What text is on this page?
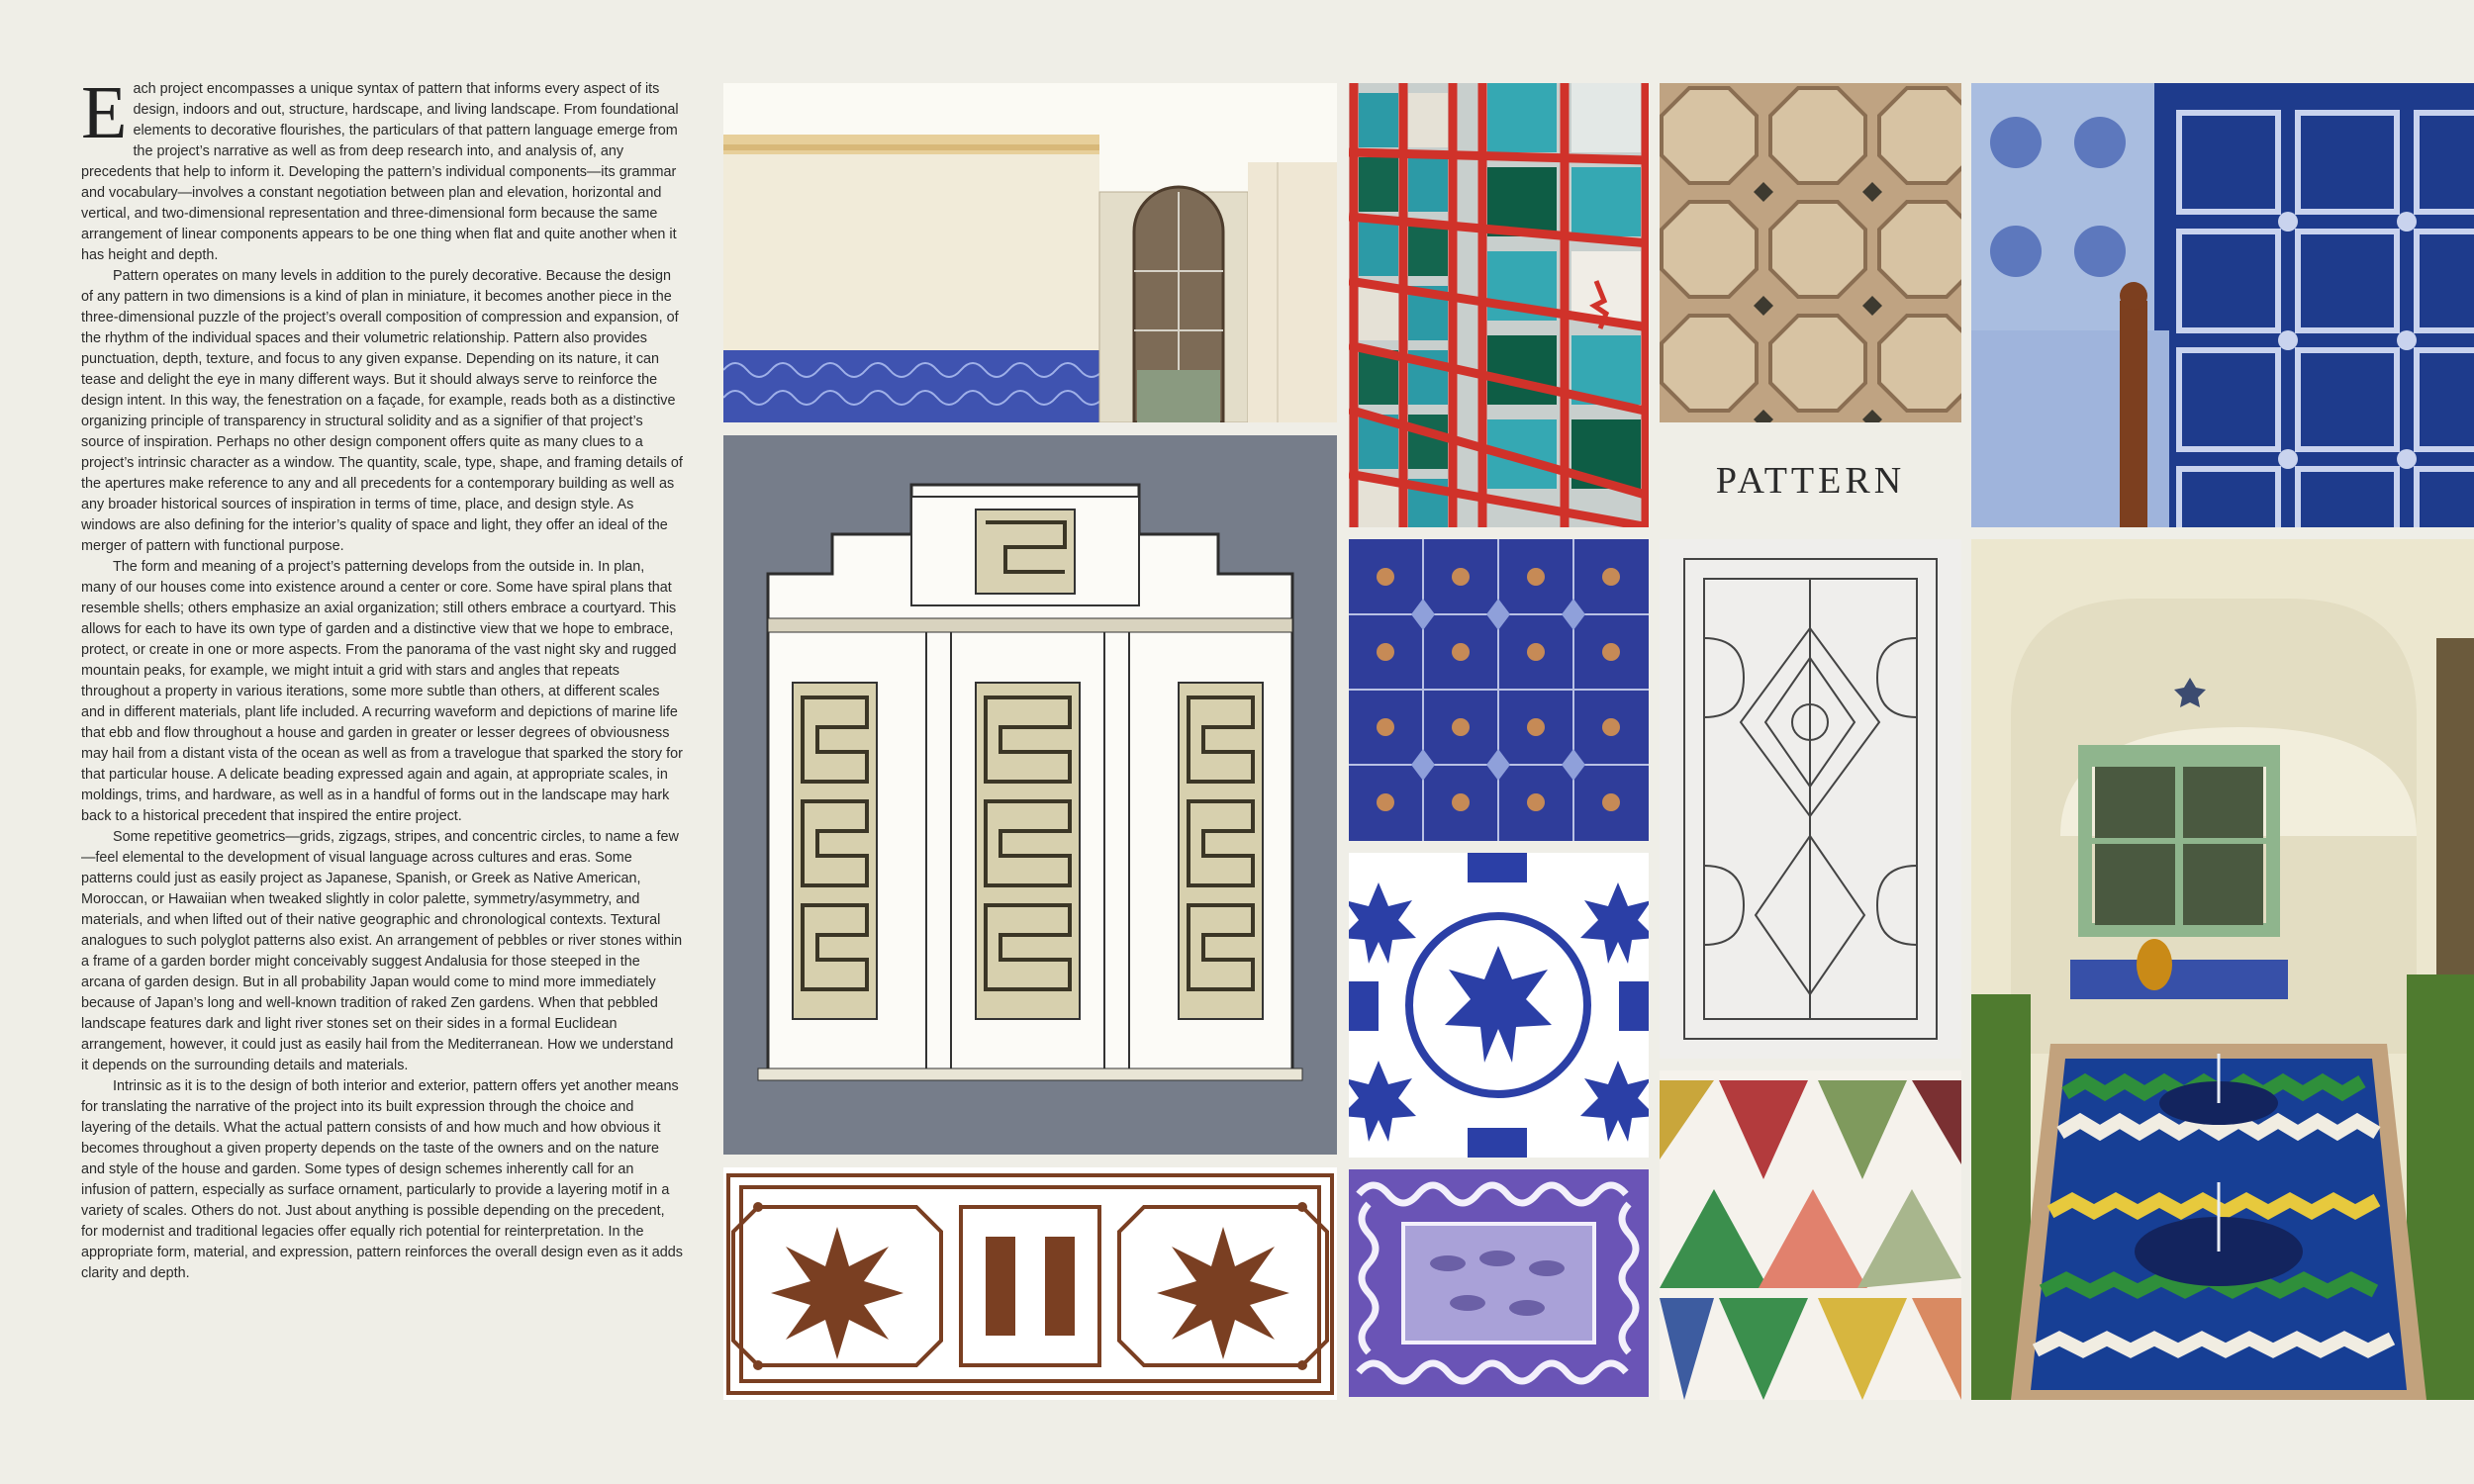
Each project encompasses a unique syntax of pattern that informs every aspect of its design, indoors and out, structure, hardscape, and living landscape. From foundational elements to decorative flourishes, the particulars of that pattern language emerge from the project’s narrative as well as from deep research into, and analysis of, any precedents that help to inform it. Developing the pattern’s individual components—its grammar and vocabulary—involves a constant negotiation between plan and elevation, horizontal and vertical, and two-dimensional representation and three-dimensional form because the same arrangement of linear components appears to be one thing when flat and quite another when it has height and depth.

Pattern operates on many levels in addition to the purely decorative. Because the design of any pattern in two dimensions is a kind of plan in miniature, it becomes another piece in the three-dimensional puzzle of the project’s overall composition of compression and expansion, of the rhythm of the individual spaces and their volumetric relationship. Pattern also provides punctuation, depth, texture, and focus to any given expanse. Depending on its nature, it can tease and delight the eye in many different ways. But it should always serve to reinforce the design intent. In this way, the fenestration on a façade, for example, reads both as a distinctive organizing principle of transparency in structural solidity and as a signifier of that project’s source of inspiration. Perhaps no other design component offers quite as many clues to a project’s intrinsic character as a window. The quantity, scale, type, shape, and framing details of the apertures make reference to any and all precedents for a contemporary building as well as any broader historical sources of inspiration in terms of time, place, and design style. As windows are also defining for the interior’s quality of space and light, they offer an ideal of the merger of pattern with functional purpose.

The form and meaning of a project’s patterning develops from the outside in. In plan, many of our houses come into existence around a center or core. Some have spiral plans that resemble shells; others emphasize an axial organization; still others embrace a courtyard. This allows for each to have its own type of garden and a distinctive view that we hope to embrace, protect, or create in one or more aspects. From the panorama of the vast night sky and rugged mountain peaks, for example, we might intuit a grid with stars and angles that repeats throughout a property in various iterations, some more subtle than others, at different scales and in different materials, plant life included. A recurring waveform and depictions of marine life that ebb and flow throughout a house and garden in greater or lesser degrees of obviousness may hail from a distant vista of the ocean as well as from a travelogue that sparked the story for that particular house. A delicate beading expressed again and again, at appropriate scales, in moldings, trims, and hardware, as well as in a handful of forms out in the landscape may hark back to a historical precedent that inspired the entire project.

Some repetitive geometrics—grids, zigzags, stripes, and concentric circles, to name a few—feel elemental to the development of visual language across cultures and eras. Some patterns could just as easily project as Japanese, Spanish, or Greek as Native American, Moroccan, or Hawaiian when tweaked slightly in color palette, symmetry/asymmetry, and materials, and when lifted out of their native geographic and chronological contexts. Textural analogues to such polyglot patterns also exist. An arrangement of pebbles or river stones within a frame of a garden border might conceivably suggest Andalusia for those steeped in the arcana of garden design. But in all probability Japan would come to mind more immediately because of Japan’s long and well-known tradition of raked Zen gardens. When that pebbled landscape features dark and light river stones set on their sides in a formal Euclidean arrangement, however, it could just as easily hail from the Mediterranean. How we understand it depends on the surrounding details and materials.

Intrinsic as it is to the design of both interior and exterior, pattern offers yet another means for translating the narrative of the project into its built expression through the choice and layering of the details. What the actual pattern consists of and how much and how obvious it becomes throughout a given property depends on the taste of the owners and on the nature and style of the house and garden. Some types of design schemes inherently call for an infusion of pattern, especially as surface ornament, particularly to provide a layering motif in a variety of scales. Others do not. Just about anything is possible depending on the precedent, for modernist and traditional legacies offer equally rich potential for reinterpretation. In the appropriate form, material, and expression, pattern reinforces the overall design even as it adds clarity and depth.

PATTERN
